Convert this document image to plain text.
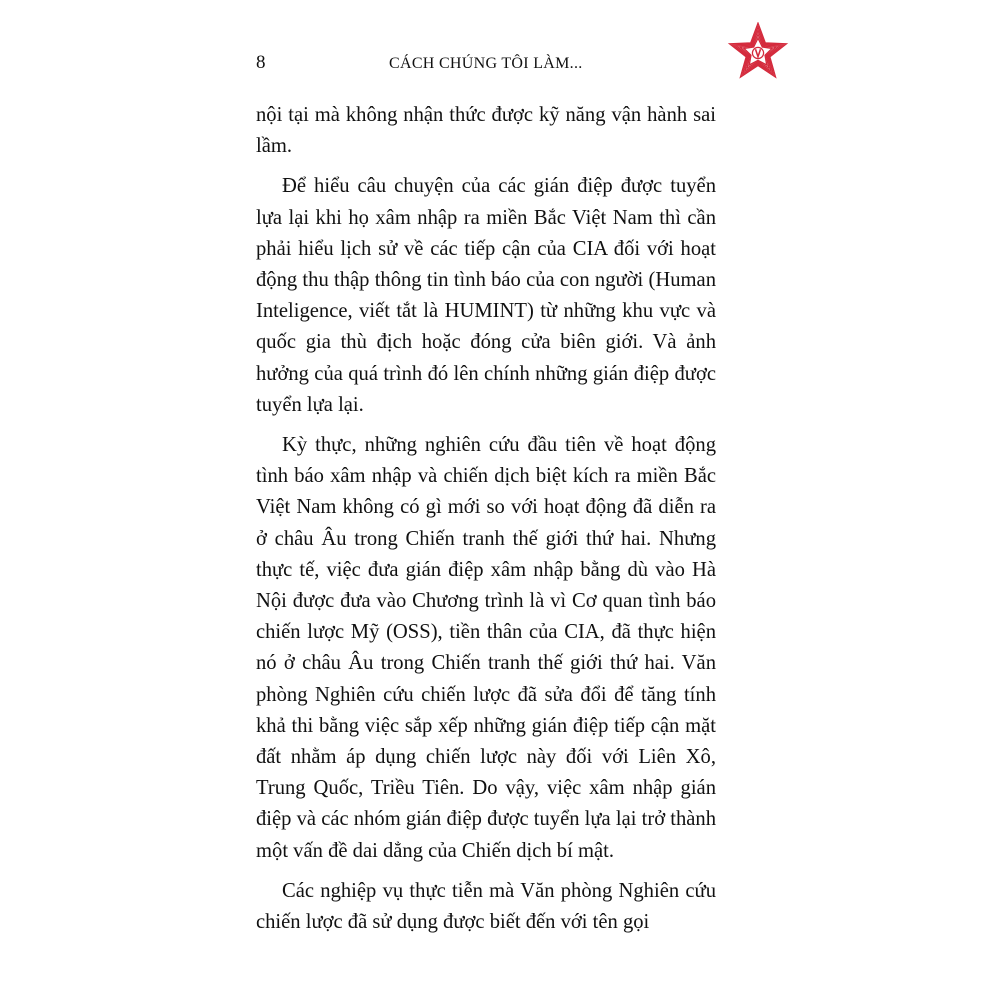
8	CÁCH CHÚNG TÔI LÀM...

nội tại mà không nhận thức được kỹ năng vận hành sai lầm.

Để hiểu câu chuyện của các gián điệp được tuyển lựa lại khi họ xâm nhập ra miền Bắc Việt Nam thì cần phải hiểu lịch sử về các tiếp cận của CIA đối với hoạt động thu thập thông tin tình báo của con người (Human Inteligence, viết tắt là HUMINT) từ những khu vực và quốc gia thù địch hoặc đóng cửa biên giới. Và ảnh hưởng của quá trình đó lên chính những gián điệp được tuyển lựa lại.

Kỳ thực, những nghiên cứu đầu tiên về hoạt động tình báo xâm nhập và chiến dịch biệt kích ra miền Bắc Việt Nam không có gì mới so với hoạt động đã diễn ra ở châu Âu trong Chiến tranh thế giới thứ hai. Nhưng thực tế, việc đưa gián điệp xâm nhập bằng dù vào Hà Nội được đưa vào Chương trình là vì Cơ quan tình báo chiến lược Mỹ (OSS), tiền thân của CIA, đã thực hiện nó ở châu Âu trong Chiến tranh thế giới thứ hai. Văn phòng Nghiên cứu chiến lược đã sửa đổi để tăng tính khả thi bằng việc sắp xếp những gián điệp tiếp cận mặt đất nhằm áp dụng chiến lược này đối với Liên Xô, Trung Quốc, Triều Tiên. Do vậy, việc xâm nhập gián điệp và các nhóm gián điệp được tuyển lựa lại trở thành một vấn đề dai dẳng của Chiến dịch bí mật.

Các nghiệp vụ thực tiễn mà Văn phòng Nghiên cứu chiến lược đã sử dụng được biết đến với tên gọi
